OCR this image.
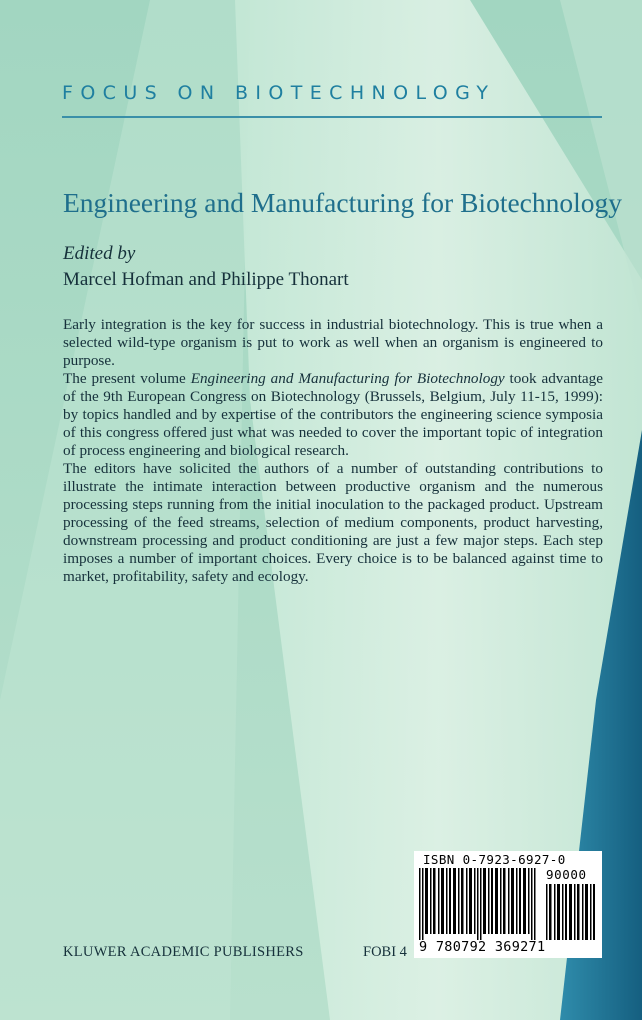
FOCUS ON BIOTECHNOLOGY
Engineering and Manufacturing for Biotechnology
Edited by
Marcel Hofman and Philippe Thonart

Early integration is the key for success in industrial biotechnology. This is true when a selected wild-type organism is put to work as well when an organism is engineered to purpose.

The present volume Engineering and Manufacturing for Biotechnology took advantage of the 9th European Congress on Biotechnology (Brussels, Belgium, July 11-15, 1999): by topics handled and by expertise of the contributors the engineering science symposia of this congress offered just what was needed to cover the important topic of integration of process engineering and biological research.

The editors have solicited the authors of a number of outstanding contributions to illustrate the intimate interaction between productive organism and the numerous processing steps running from the initial inoculation to the packaged product. Upstream processing of the feed streams, selection of medium components, product harvesting, downstream processing and product conditioning are just a few major steps. Each step imposes a number of important choices. Every choice is to be balanced against time to market, profitability, safety and ecology.

KLUWER ACADEMIC PUBLISHERS	FOBI 4
ISBN 0-7923-6927-0
90000
9 780792 369271
